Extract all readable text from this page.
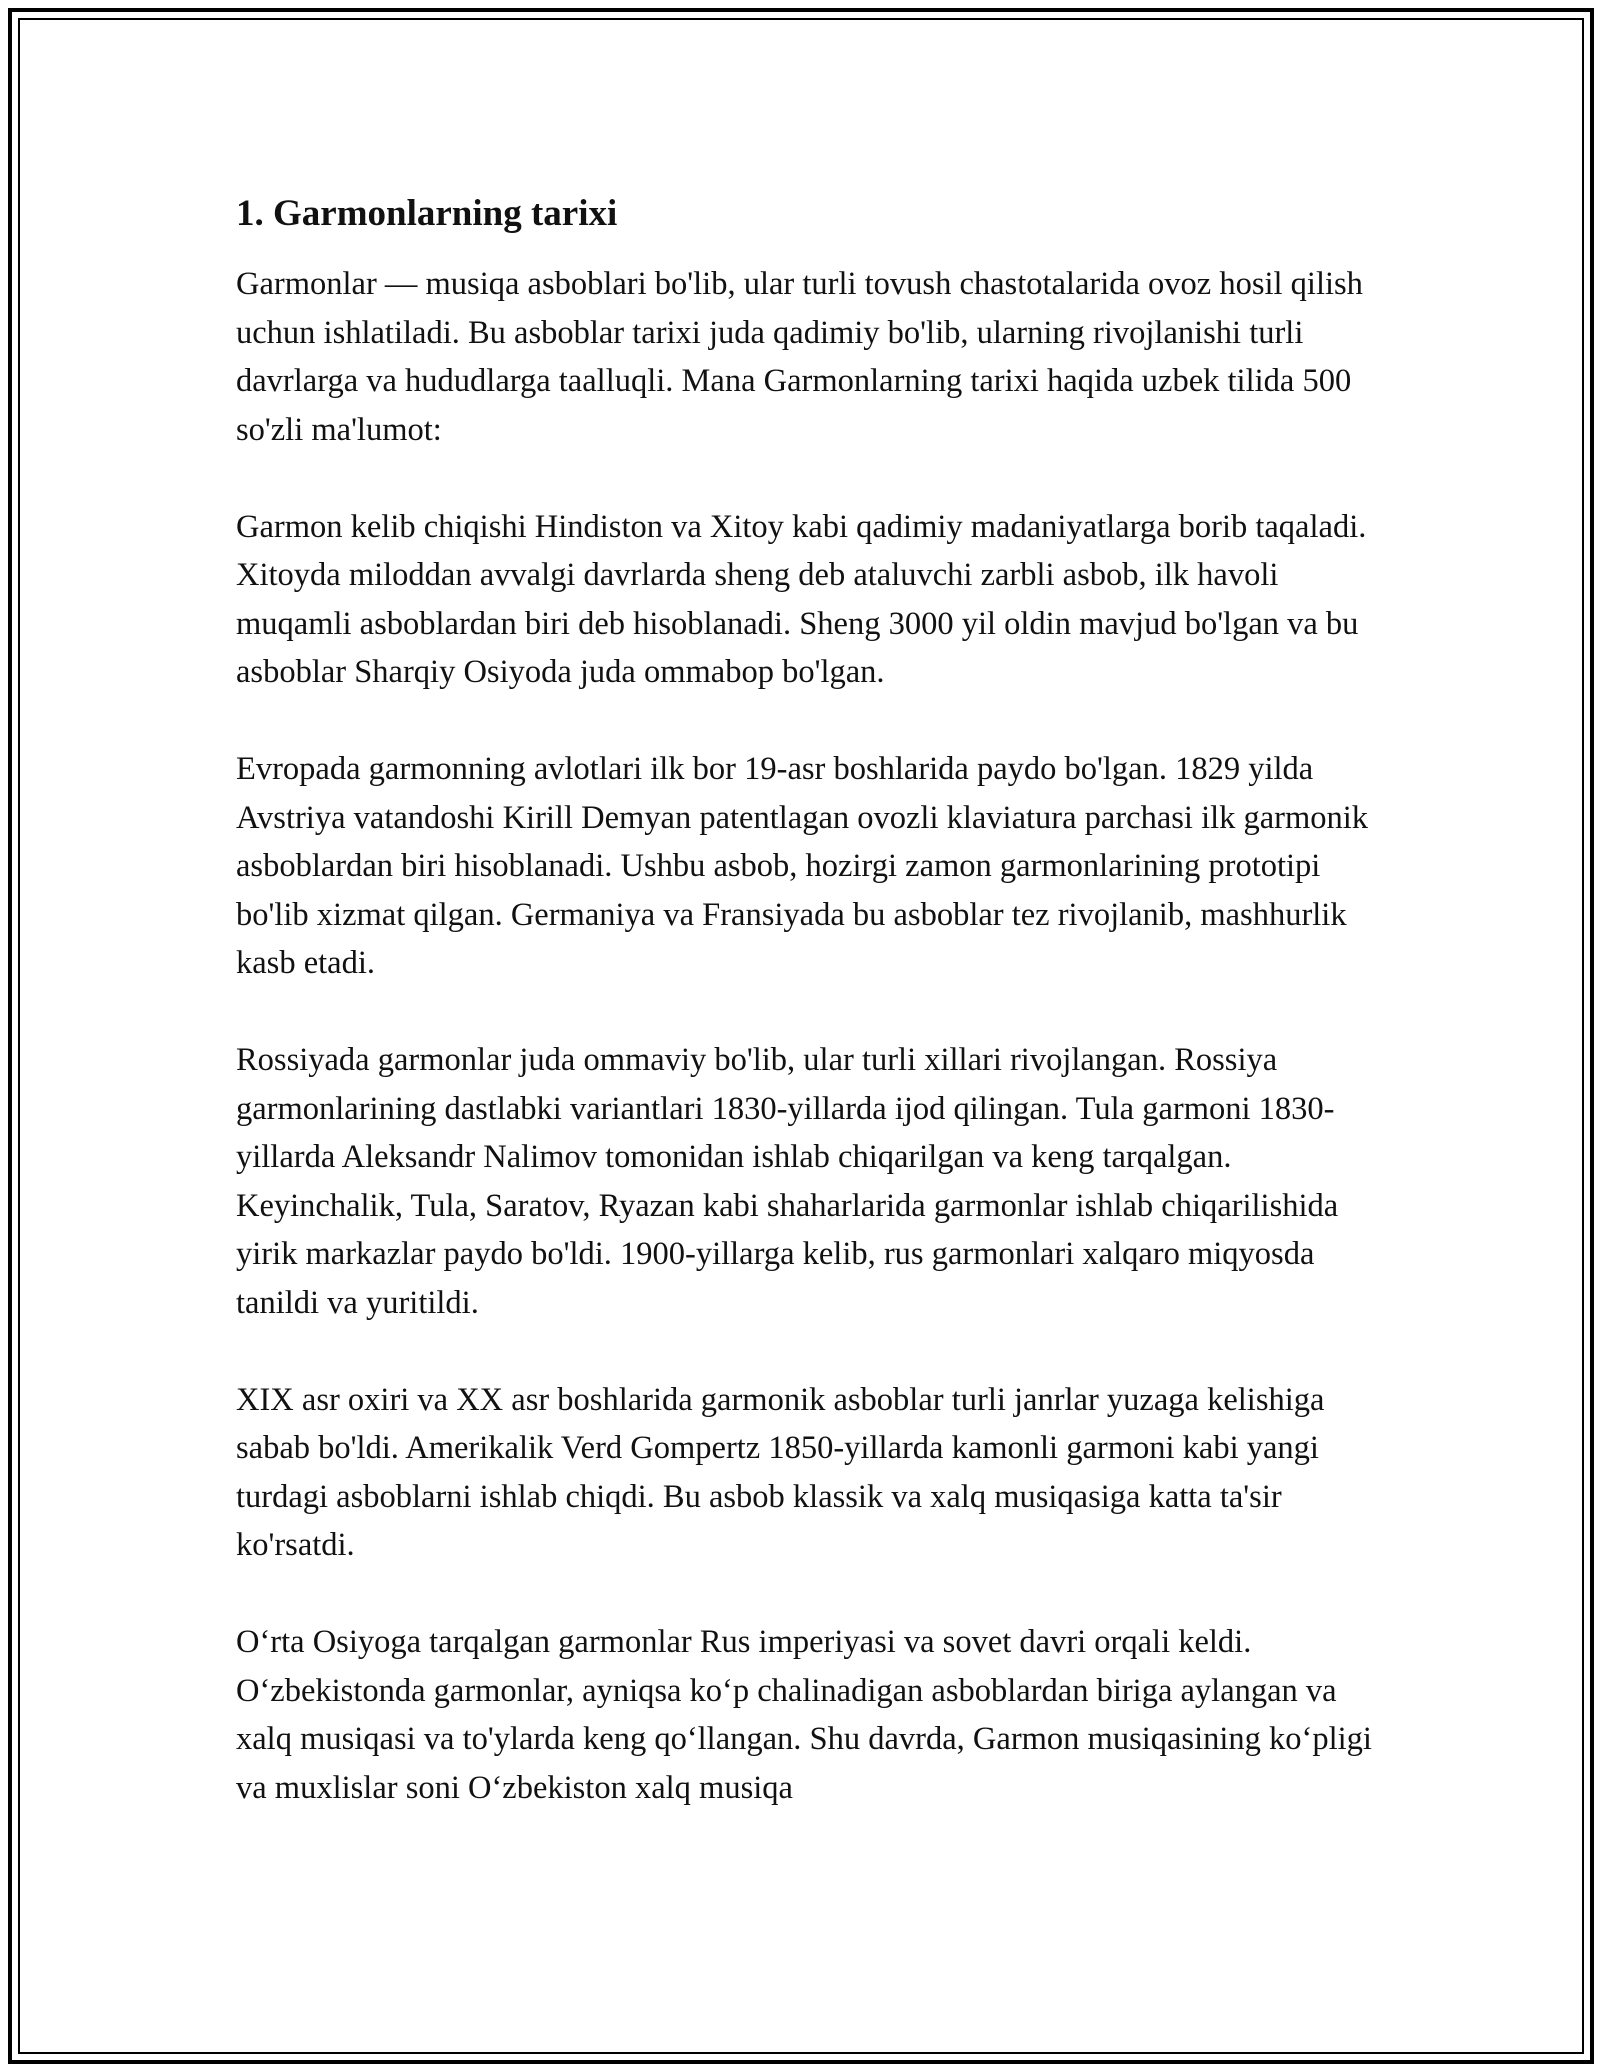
1. Garmonlarning tarixi

Garmonlar — musiqa asboblari bo'lib, ular turli tovush chastotalarida ovoz hosil qilish uchun ishlatiladi. Bu asboblar tarixi juda qadimiy bo'lib, ularning rivojlanishi turli davrlarga va hududlarga taalluqli. Mana Garmonlarning tarixi haqida uzbek tilida 500 so'zli ma'lumot:

Garmon kelib chiqishi Hindiston va Xitoy kabi qadimiy madaniyatlarga borib taqaladi. Xitoyda miloddan avvalgi davrlarda sheng deb ataluvchi zarbli asbob, ilk havoli muqamli asboblardan biri deb hisoblanadi. Sheng 3000 yil oldin mavjud bo'lgan va bu asboblar Sharqiy Osiyoda juda ommabop bo'lgan.

Evropada garmonning avlotlari ilk bor 19-asr boshlarida paydo bo'lgan. 1829 yilda Avstriya vatandoshi Kirill Demyan patentlagan ovozli klaviatura parchasi ilk garmonik asboblardan biri hisoblanadi. Ushbu asbob, hozirgi zamon garmonlarining prototipi bo'lib xizmat qilgan. Germaniya va Fransiyada bu asboblar tez rivojlanib, mashhurlik kasb etadi.

Rossiyada garmonlar juda ommaviy bo'lib, ular turli xillari rivojlangan. Rossiya garmonlarining dastlabki variantlari 1830-yillarda ijod qilingan. Tula garmoni 1830-yillarda Aleksandr Nalimov tomonidan ishlab chiqarilgan va keng tarqalgan. Keyinchalik, Tula, Saratov, Ryazan kabi shaharlarida garmonlar ishlab chiqarilishida yirik markazlar paydo bo'ldi. 1900-yillarga kelib, rus garmonlari xalqaro miqyosda tanildi va yuritildi.

XIX asr oxiri va XX asr boshlarida garmonik asboblar turli janrlar yuzaga kelishiga sabab bo'ldi. Amerikalik Verd Gompertz 1850-yillarda kamonli garmoni kabi yangi turdagi asboblarni ishlab chiqdi. Bu asbob klassik va xalq musiqasiga katta ta'sir ko'rsatdi.

O‘rta Osiyoga tarqalgan garmonlar Rus imperiyasi va sovet davri orqali keldi. O‘zbekistonda garmonlar, ayniqsa ko‘p chalinadigan asboblardan biriga aylangan va xalq musiqasi va to'ylarda keng qo‘llangan. Shu davrda, Garmon musiqasining ko‘pligi va muxlislar soni O‘zbekiston xalq musiqa
